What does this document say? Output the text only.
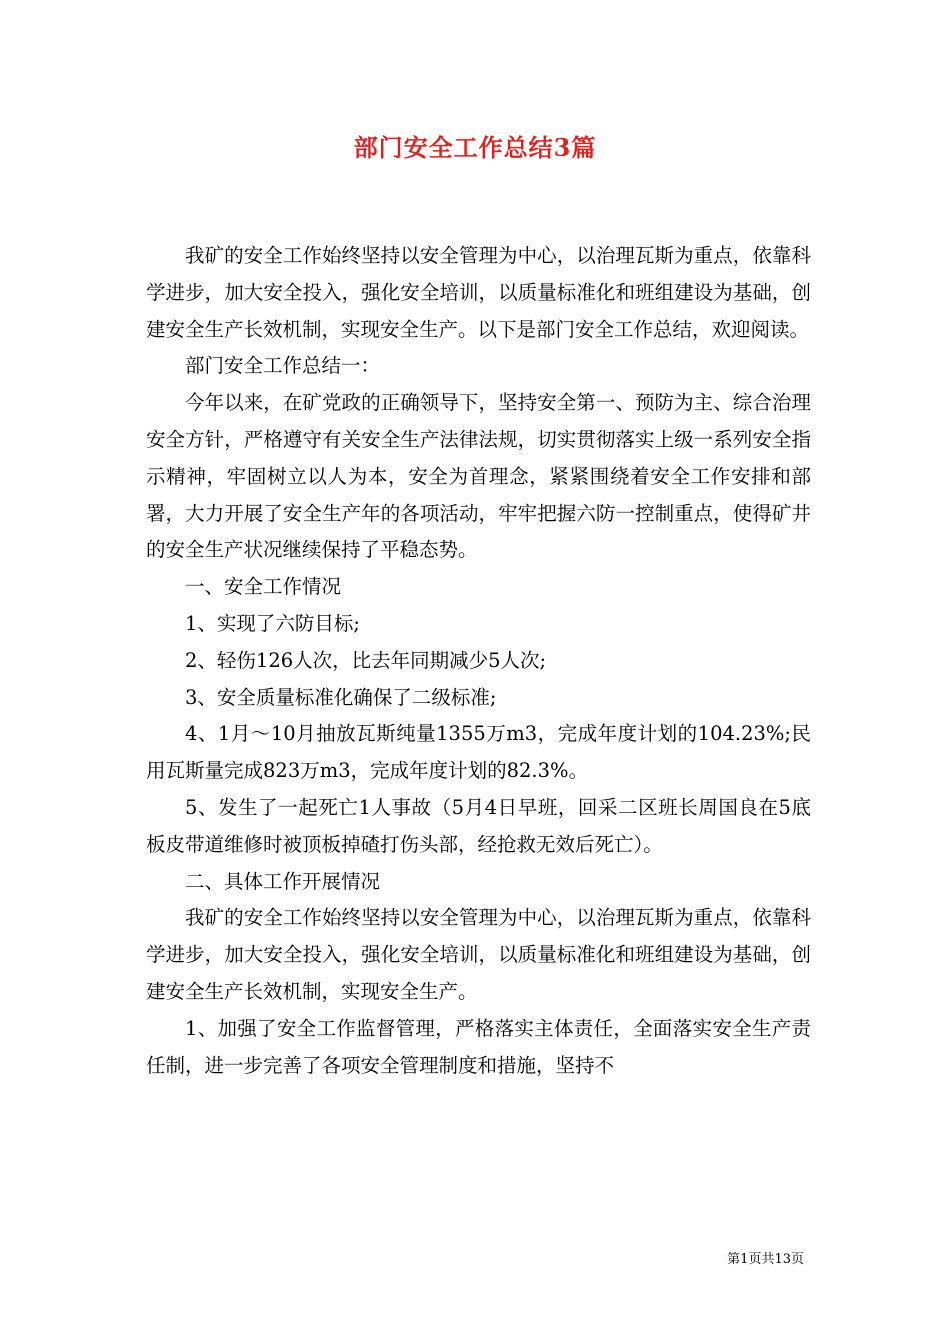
部门安全工作总结3篇

我矿的安全工作始终坚持以安全管理为中心，以治理瓦斯为重点，依靠科学进步，加大安全投入，强化安全培训，以质量标准化和班组建设为基础，创建安全生产长效机制，实现安全生产。以下是部门安全工作总结，欢迎阅读。

部门安全工作总结一：

今年以来，在矿党政的正确领导下，坚持安全第一、预防为主、综合治理安全方针，严格遵守有关安全生产法律法规，切实贯彻落实上级一系列安全指示精神，牢固树立以人为本，安全为首理念，紧紧围绕着安全工作安排和部署，大力开展了安全生产年的各项活动，牢牢把握六防一控制重点，使得矿井的安全生产状况继续保持了平稳态势。

一、安全工作情况

1、实现了六防目标;

2、轻伤126人次，比去年同期减少5人次;

3、安全质量标准化确保了二级标准;

4、1月～10月抽放瓦斯纯量1355万m3，完成年度计划的104.23%;民用瓦斯量完成823万m3，完成年度计划的82.3%。

5、发生了一起死亡1人事故（5月4日早班，回采二区班长周国良在5底板皮带道维修时被顶板掉碴打伤头部，经抢救无效后死亡）。

二、具体工作开展情况

我矿的安全工作始终坚持以安全管理为中心，以治理瓦斯为重点，依靠科学进步，加大安全投入，强化安全培训，以质量标准化和班组建设为基础，创建安全生产长效机制，实现安全生产。

1、加强了安全工作监督管理，严格落实主体责任，全面落实安全生产责任制，进一步完善了各项安全管理制度和措施，坚持不

第1页共13页
